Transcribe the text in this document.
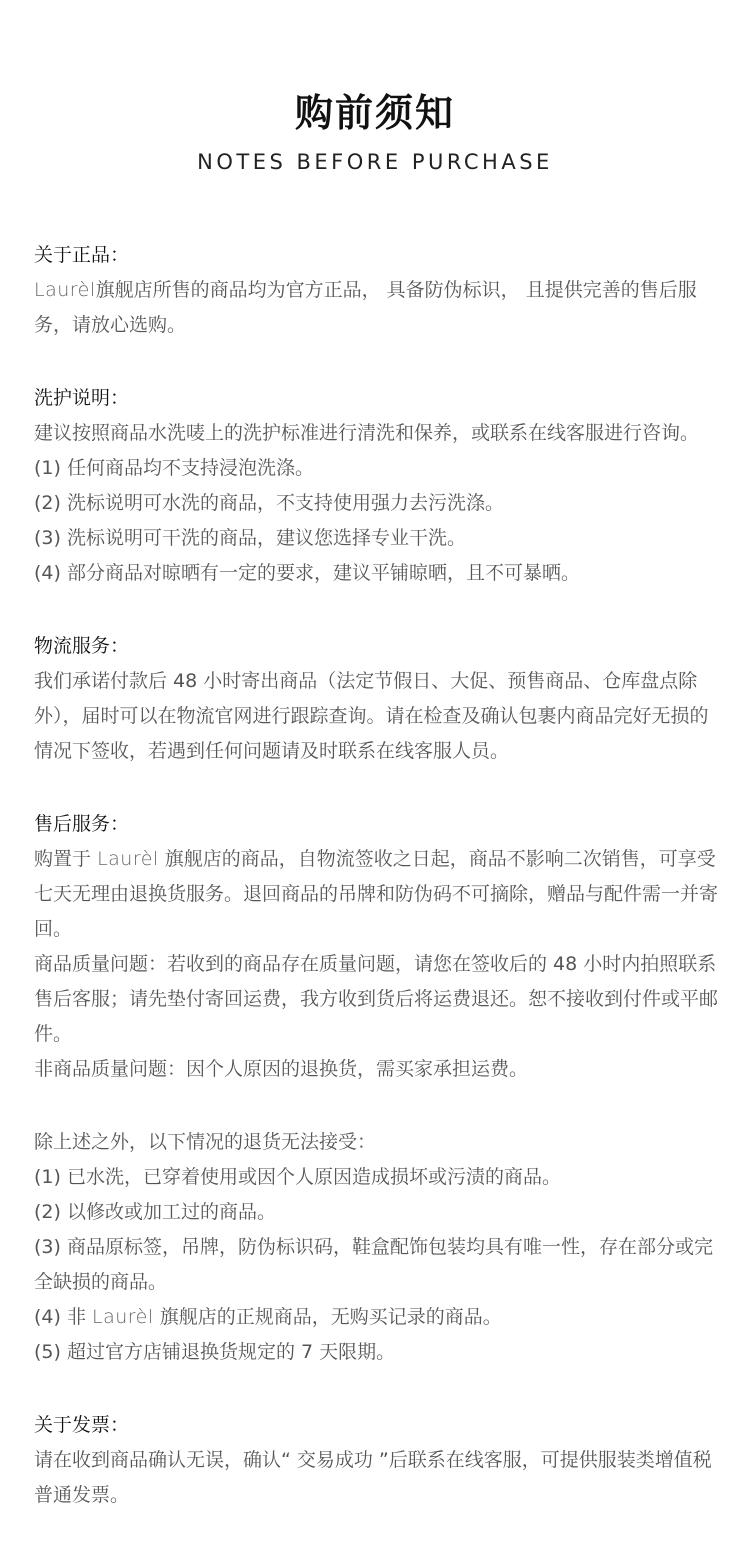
购前须知
NOTES BEFORE PURCHASE
关于正品：

Laurèl旗舰店所售的商品均为官方正品， 具备防伪标识， 且提供完善的售后服务，请放心选购。

洗护说明：

建议按照商品水洗唛上的洗护标准进行清洗和保养，或联系在线客服进行咨询。

(1) 任何商品均不支持浸泡洗涤。

(2) 洗标说明可水洗的商品，不支持使用强力去污洗涤。

(3) 洗标说明可干洗的商品，建议您选择专业干洗。

(4) 部分商品对晾晒有一定的要求，建议平铺晾晒，且不可暴晒。

物流服务：

我们承诺付款后 48 小时寄出商品（法定节假日、大促、预售商品、仓库盘点除外），届时可以在物流官网进行跟踪查询。请在检查及确认包裹内商品完好无损的情况下签收，若遇到任何问题请及时联系在线客服人员。

售后服务：

购置于 Laurèl 旗舰店的商品，自物流签收之日起，商品不影响二次销售，可享受七天无理由退换货服务。退回商品的吊牌和防伪码不可摘除，赠品与配件需一并寄回。

商品质量问题：若收到的商品存在质量问题，请您在签收后的 48 小时内拍照联系售后客服；请先垫付寄回运费，我方收到货后将运费退还。恕不接收到付件或平邮件。

非商品质量问题：因个人原因的退换货，需买家承担运费。

除上述之外，以下情况的退货无法接受：

(1) 已水洗，已穿着使用或因个人原因造成损坏或污渍的商品。

(2) 以修改或加工过的商品。

(3) 商品原标签，吊牌，防伪标识码，鞋盒配饰包装均具有唯一性，存在部分或完全缺损的商品。

(4) 非 Laurèl 旗舰店的正规商品，无购买记录的商品。

(5) 超过官方店铺退换货规定的 7 天限期。

关于发票：

请在收到商品确认无误，确认“ 交易成功 ”后联系在线客服，可提供服装类增值税普通发票。
